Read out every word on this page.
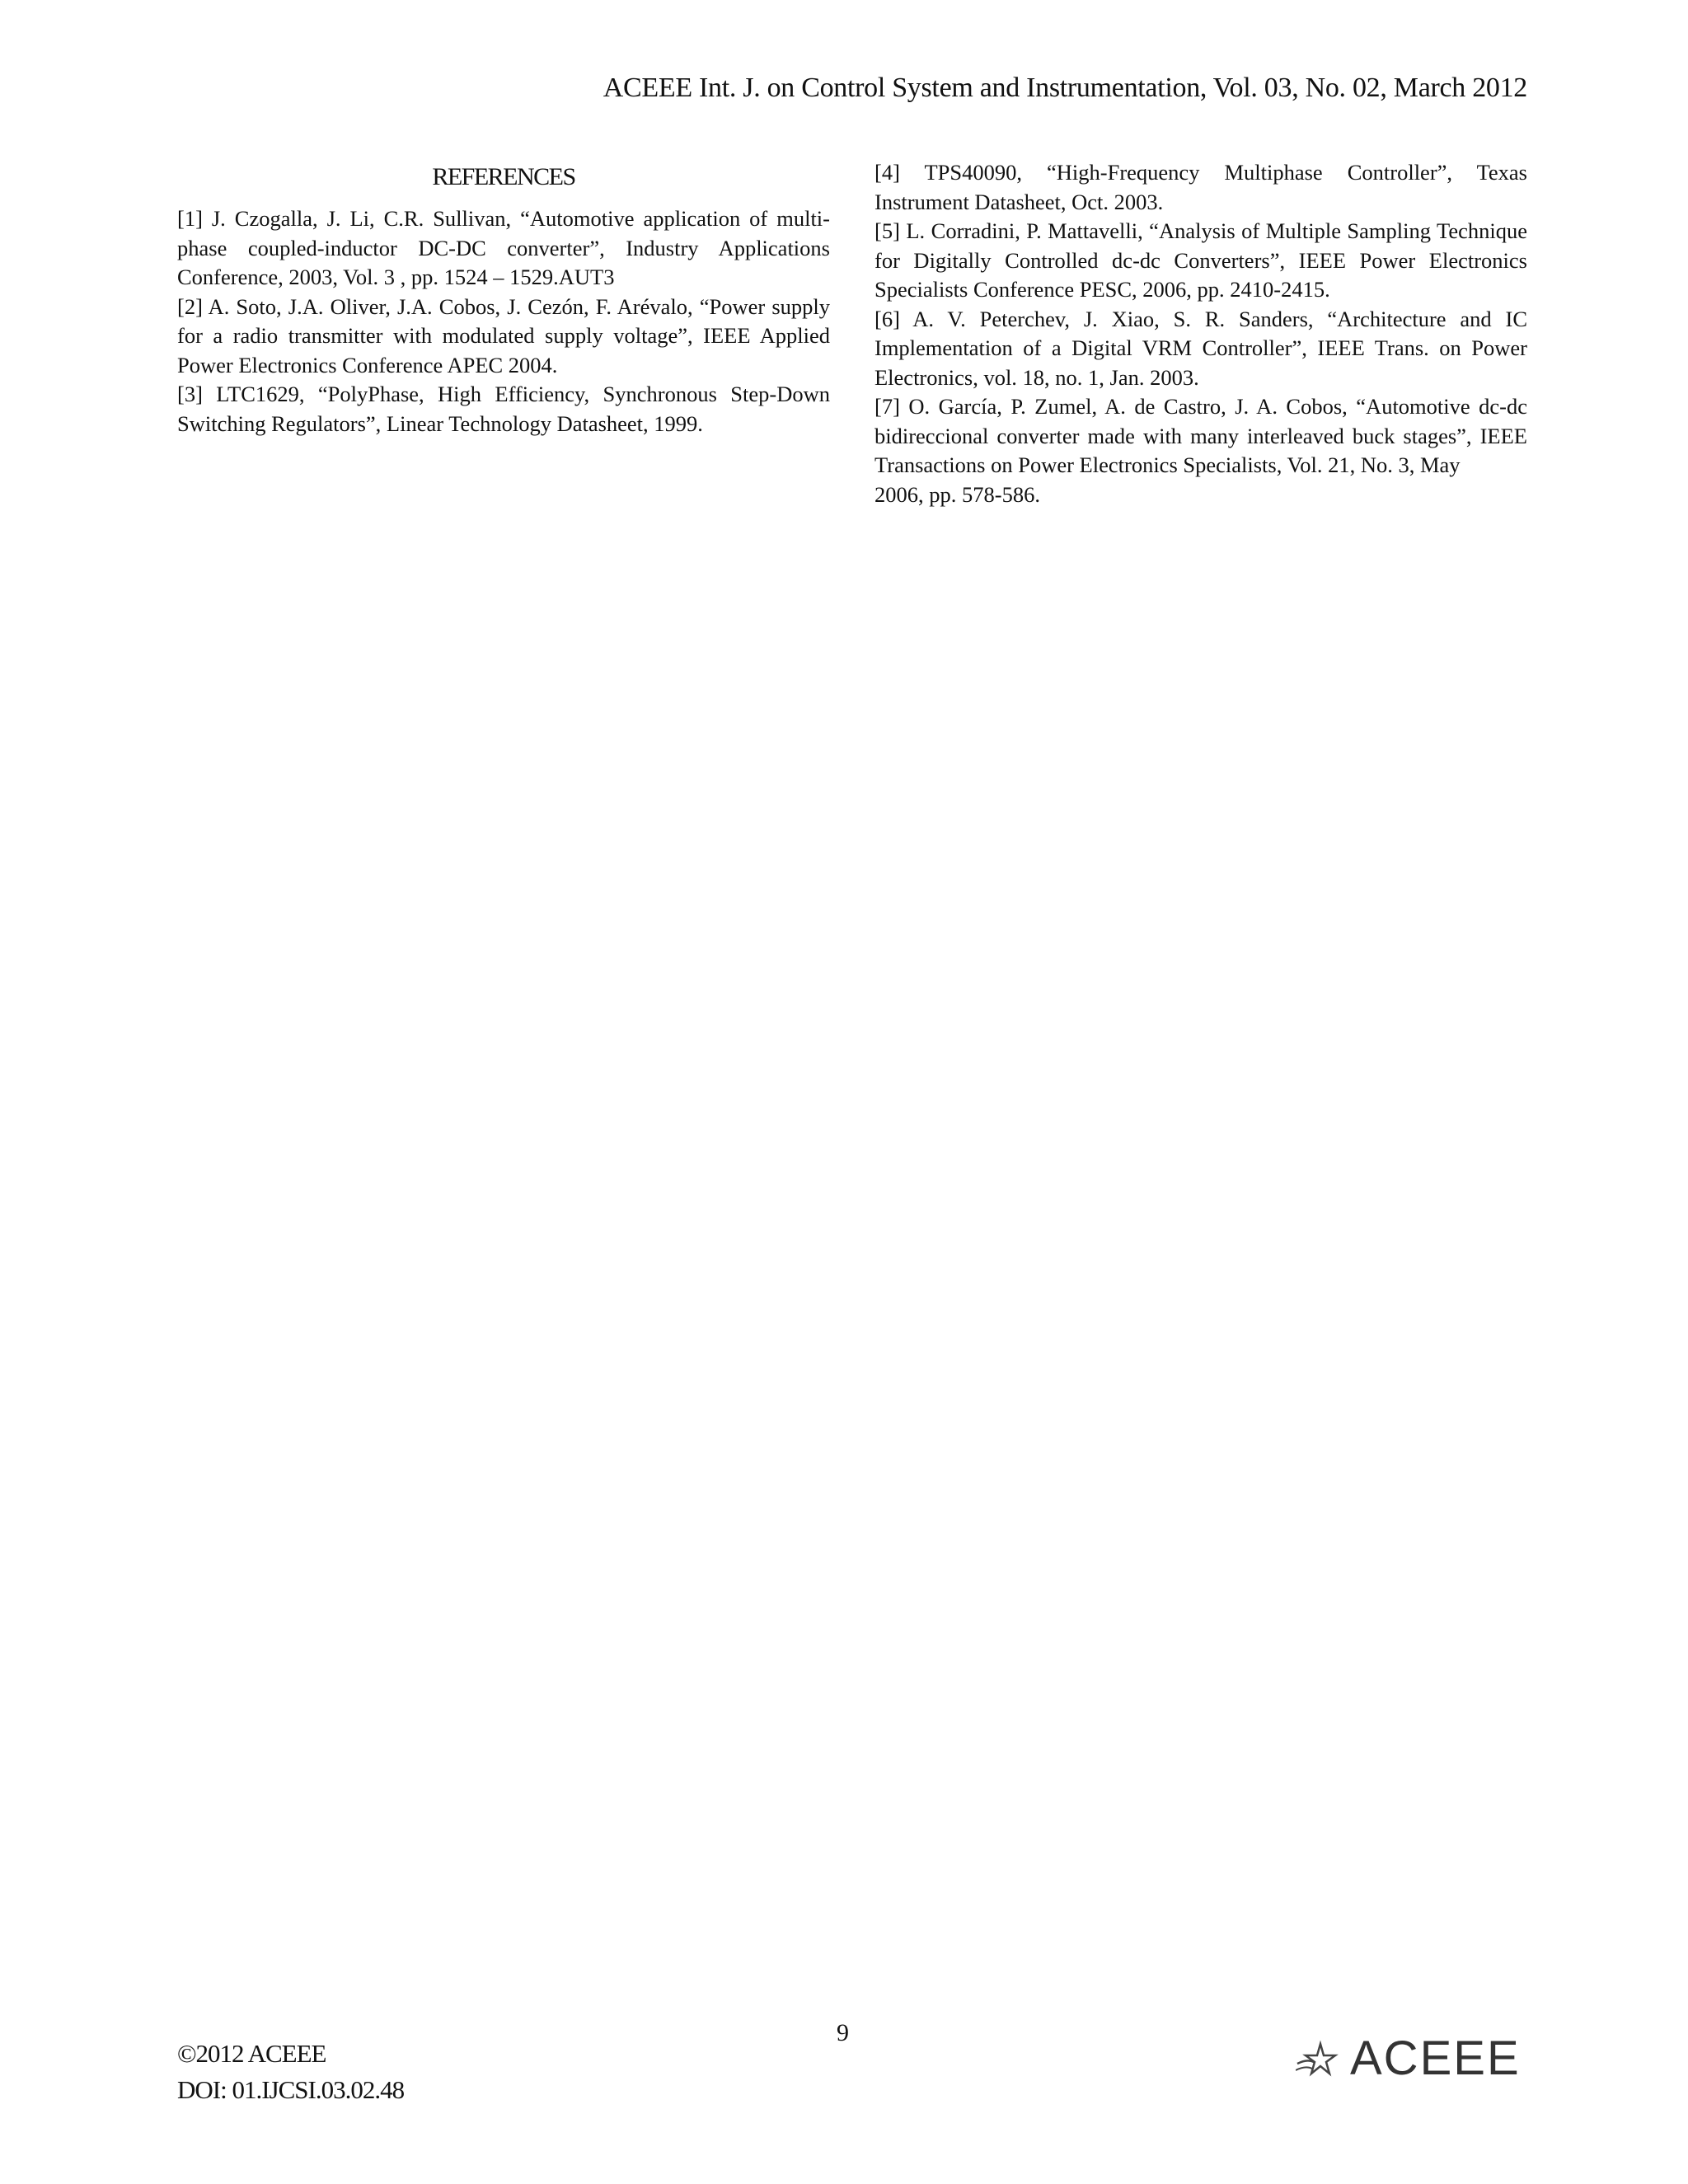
ACEEE Int. J. on Control System and Instrumentation, Vol. 03, No. 02, March 2012
REFERENCES

[1] J. Czogalla, J. Li, C.R. Sullivan, “Automotive application of multi-phase coupled-inductor DC-DC converter”, Industry Applications Conference, 2003, Vol. 3 , pp. 1524 – 1529.AUT3

[2] A. Soto, J.A. Oliver, J.A. Cobos, J. Cezón, F. Arévalo, “Power supply for a radio transmitter with modulated supply voltage”, IEEE Applied Power Electronics Conference APEC 2004.

[3] LTC1629, “PolyPhase, High Efficiency, Synchronous Step-Down Switching Regulators”, Linear Technology Datasheet, 1999.

[4] TPS40090, “High-Frequency Multiphase Controller”, Texas Instrument Datasheet, Oct. 2003.

[5] L. Corradini, P. Mattavelli, “Analysis of Multiple Sampling Technique for Digitally Controlled dc-dc Converters”, IEEE Power Electronics Specialists Conference PESC, 2006, pp. 2410-2415.

[6] A. V. Peterchev, J. Xiao, S. R. Sanders, “Architecture and IC Implementation of a Digital VRM Controller”, IEEE Trans. on Power Electronics, vol. 18, no. 1, Jan. 2003.

[7] O. García, P. Zumel, A. de Castro, J. A. Cobos, “Automotive dc-dc bidireccional converter made with many interleaved buck stages”, IEEE Transactions on Power Electronics Specialists, Vol. 21, No. 3, May

2006, pp. 578-586.
9
©2012 ACEEE
DOI: 01.IJCSI.03.02.48
ACEEE
